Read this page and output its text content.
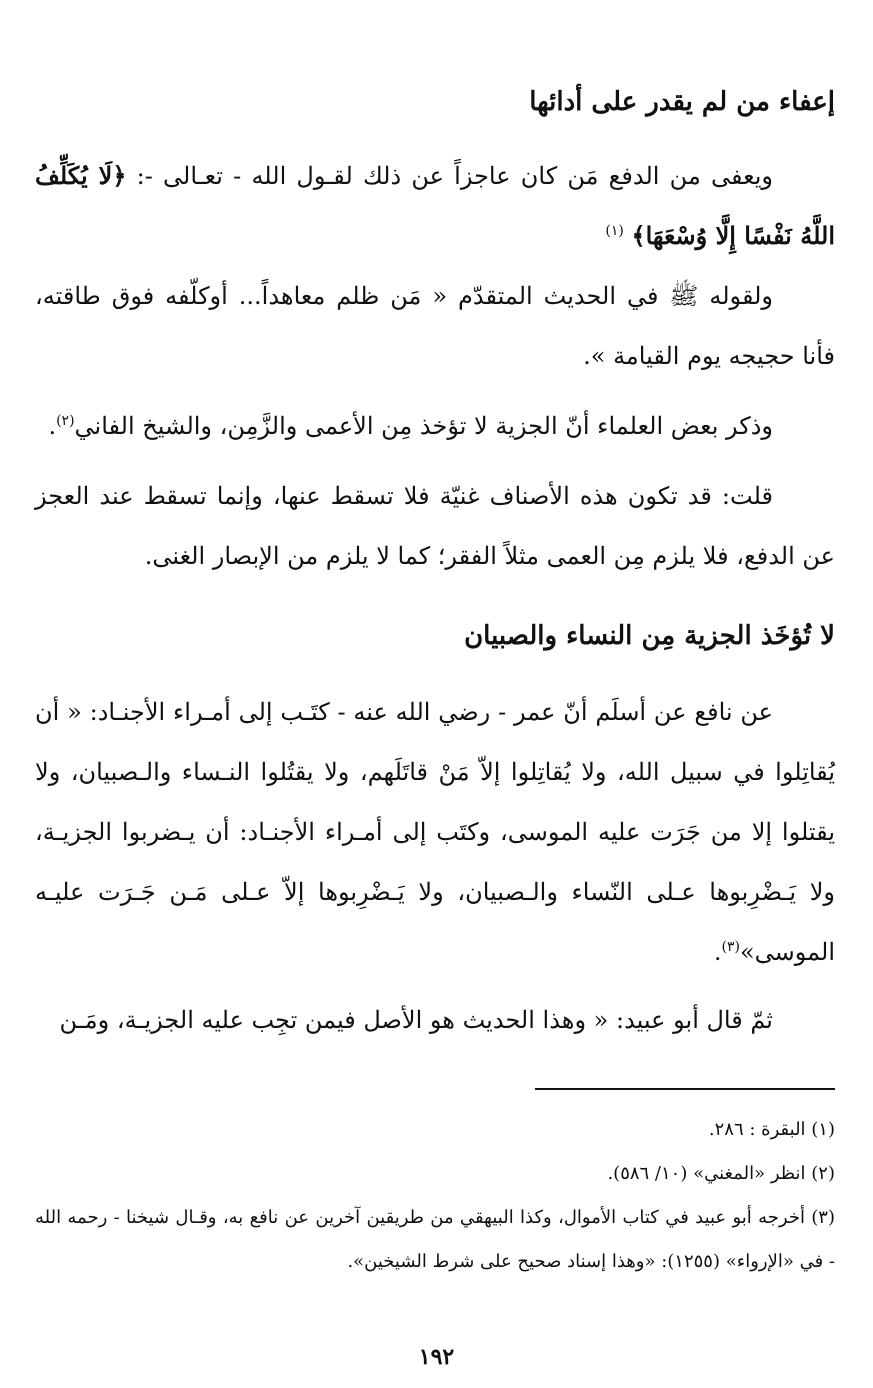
إعفاء من لم يقدر على أدائها
ويعفى من الدفع مَن كان عاجزاً عن ذلك لقـول الله - تعـالى -: ﴿لَا يُكَلِّفُ اللَّهُ نَفْسًا إِلَّا وُسْعَهَا﴾ $^{(١)}$
ولقوله ﷺ في الحديث المتقدّم « مَن ظلم معاهداً... أوكلّفه فوق طاقته، فأنا حجيجه يوم القيامة ».
وذكر بعض العلماء أنّ الجزية لا تؤخذ مِن الأعمى والزَّمِن، والشيخ الفاني$^{(٢)}$.
قلت: قد تكون هذه الأصناف غنيّة فلا تسقط عنها، وإنما تسقط عند العجز عن الدفع، فلا يلزم مِن العمى مثلاً الفقر؛ كما لا يلزم من الإبصار الغنى.
لا تُؤخَذ الجزية مِن النساء والصبيان
عن نافع عن أسلَم أنّ عمر - رضي الله عنه - كتَـب إلى أمـراء الأجنـاد: « أن يُقاتِلوا في سبيل الله، ولا يُقاتِلوا إلاّ مَنْ قاتَلَهم، ولا يقتُلوا النـساء والـصبيان، ولا يقتلوا إلا من جَرَت عليه الموسى، وكتَب إلى أمـراء الأجنـاد: أن يـضربوا الجزيـة، ولا يَـضْرِبوها عـلى النّساء والـصبيان، ولا يَـضْرِبوها إلاّ عـلى مَـن جَـرَت عليـه الموسى»$^{(٣)}$.
ثمّ قال أبو عبيد: « وهذا الحديث هو الأصل فيمن تجِب عليه الجزيـة، ومَـن
(١) البقرة : ٢٨٦.
(٢) انظر «المغني» (١٠/ ٥٨٦).
(٣) أخرجه أبو عبيد في كتاب الأموال، وكذا البيهقي من طريقين آخرين عن نافع به، وقـال شيخنا - رحمه الله - في «الإرواء» (١٢٥٥): «وهذا إسناد صحيح على شرط الشيخين».
١٩٢
